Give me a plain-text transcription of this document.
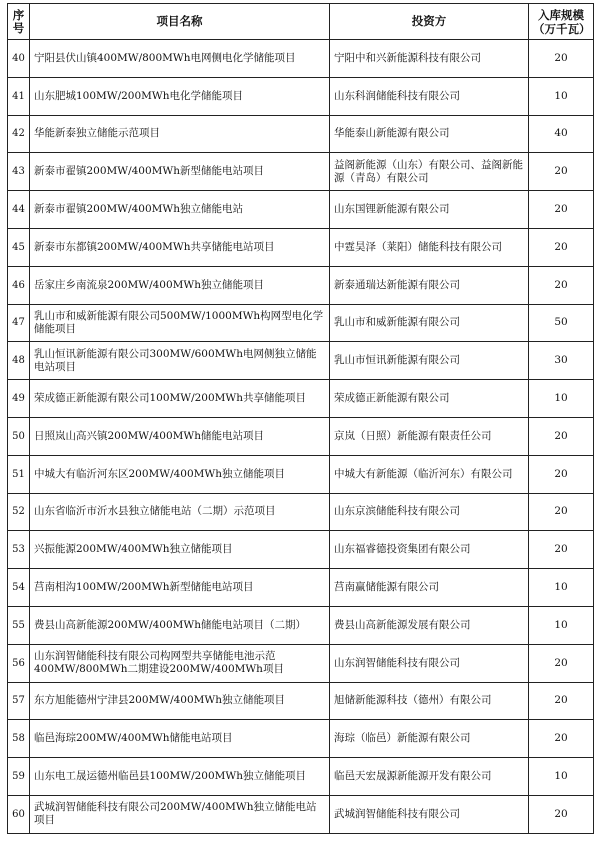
序号	项目名称	投资方	入库规模
（万千瓦）
40	宁阳县伏山镇400MW/800MWh电网侧电化学储能项目	宁阳中和兴新能源科技有限公司	20
41	山东肥城100MW/200MWh电化学储能项目	山东科润储能科技有限公司	10
42	华能新泰独立储能示范项目	华能泰山新能源有限公司	40
43	新泰市翟镇200MW/400MWh新型储能电站项目	益阁新能源（山东）有限公司、益阁新能源（青岛）有限公司	20
44	新泰市翟镇200MW/400MWh独立储能电站	山东国锂新能源有限公司	20
45	新泰市东都镇200MW/400MWh共享储能电站项目	中霆昊泽（莱阳）储能科技有限公司	20
46	岳家庄乡南流泉200MW/400MWh独立储能项目	新泰通瑞达新能源有限公司	20
47	乳山市和威新能源有限公司500MW/1000MWh构网型电化学储能项目	乳山市和威新能源有限公司	50
48	乳山恒讯新能源有限公司300MW/600MWh电网侧独立储能电站项目	乳山市恒讯新能源有限公司	30
49	荣成德正新能源有限公司100MW/200MWh共享储能项目	荣成德正新能源有限公司	10
50	日照岚山高兴镇200MW/400MWh储能电站项目	京岚（日照）新能源有限责任公司	20
51	中城大有临沂河东区200MW/400MWh独立储能项目	中城大有新能源（临沂河东）有限公司	20
52	山东省临沂市沂水县独立储能电站（二期）示范项目	山东京滨储能科技有限公司	20
53	兴振能源200MW/400MWh独立储能项目	山东福睿德投资集团有限公司	20
54	莒南相沟100MW/200MWh新型储能电站项目	莒南赢储能源有限公司	10
55	费县山高新能源200MW/400MWh储能电站项目（二期）	费县山高新能源发展有限公司	10
56	山东润智储能科技有限公司构网型共享储能电池示范400MW/800MWh二期建设200MW/400MWh项目	山东润智储能科技有限公司	20
57	东方旭能德州宁津县200MW/400MWh独立储能项目	旭储新能源科技（德州）有限公司	20
58	临邑海琮200MW/400MWh储能电站项目	海琮（临邑）新能源有限公司	20
59	山东电工晟运德州临邑县100MW/200MWh独立储能项目	临邑天宏晟源新能源开发有限公司	10
60	武城润智储能科技有限公司200MW/400MWh独立储能电站项目	武城润智储能科技有限公司	20
